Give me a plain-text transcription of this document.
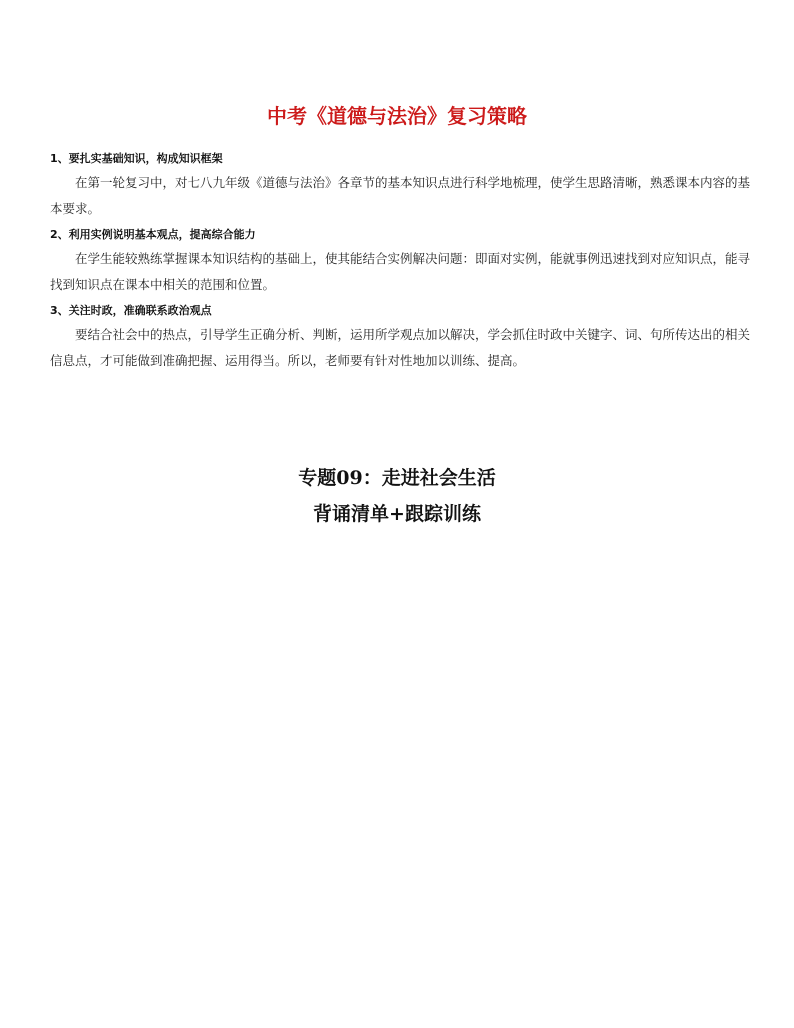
中考《道德与法治》复习策略
1、要扎实基础知识，构成知识框架

在第一轮复习中，对七八九年级《道德与法治》各章节的基本知识点进行科学地梳理，使学生思路清晰，熟悉课本内容的基本要求。

2、利用实例说明基本观点，提高综合能力

在学生能较熟练掌握课本知识结构的基础上，使其能结合实例解决问题：即面对实例，能就事例迅速找到对应知识点，能寻找到知识点在课本中相关的范围和位置。

3、关注时政，准确联系政治观点

要结合社会中的热点，引导学生正确分析、判断，运用所学观点加以解决，学会抓住时政中关键字、词、句所传达出的相关信息点，才可能做到准确把握、运用得当。所以，老师要有针对性地加以训练、提高。

专题09：走进社会生活
背诵清单+跟踪训练
